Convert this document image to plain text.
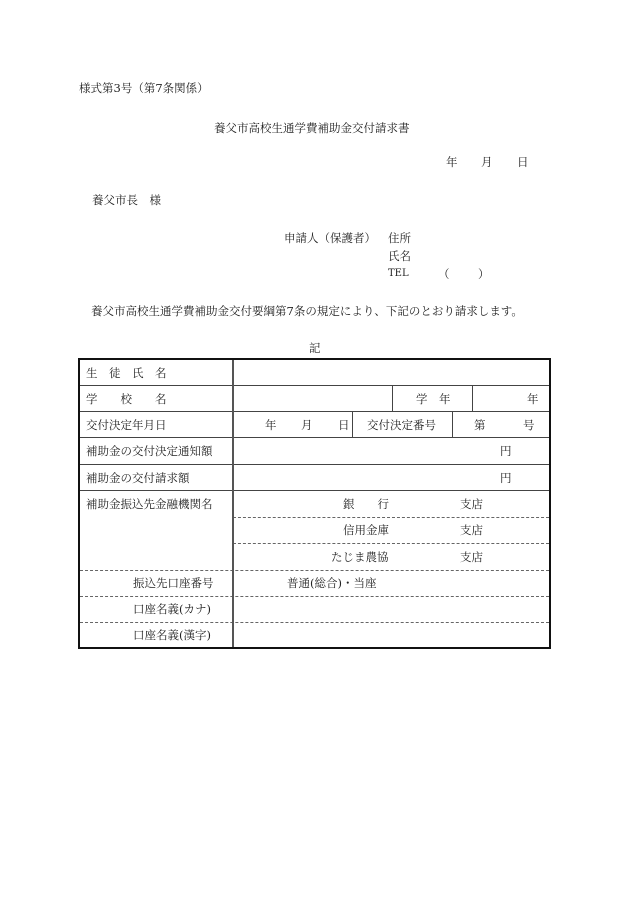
様式第3号（第7条関係）
養父市高校生通学費補助金交付請求書
年 月 日
養父市長　様
申請人（保護者） 住所
氏名
TEL	（ ）
養父市高校生通学費補助金交付要綱第7条の規定により、下記のとおり請求します。
記
生　徒　氏　名
学　　校　　名	学　年	年
交付決定年月日	年 月 日 交付決定番号	第	号
補助金の交付決定通知額	円
補助金の交付請求額	円
補助金振込先金融機関名	銀　　行	支店
信用金庫	支店
たじま農協	支店
振込先口座番号	普通(総合)・当座
口座名義(カナ)
口座名義(漢字)
